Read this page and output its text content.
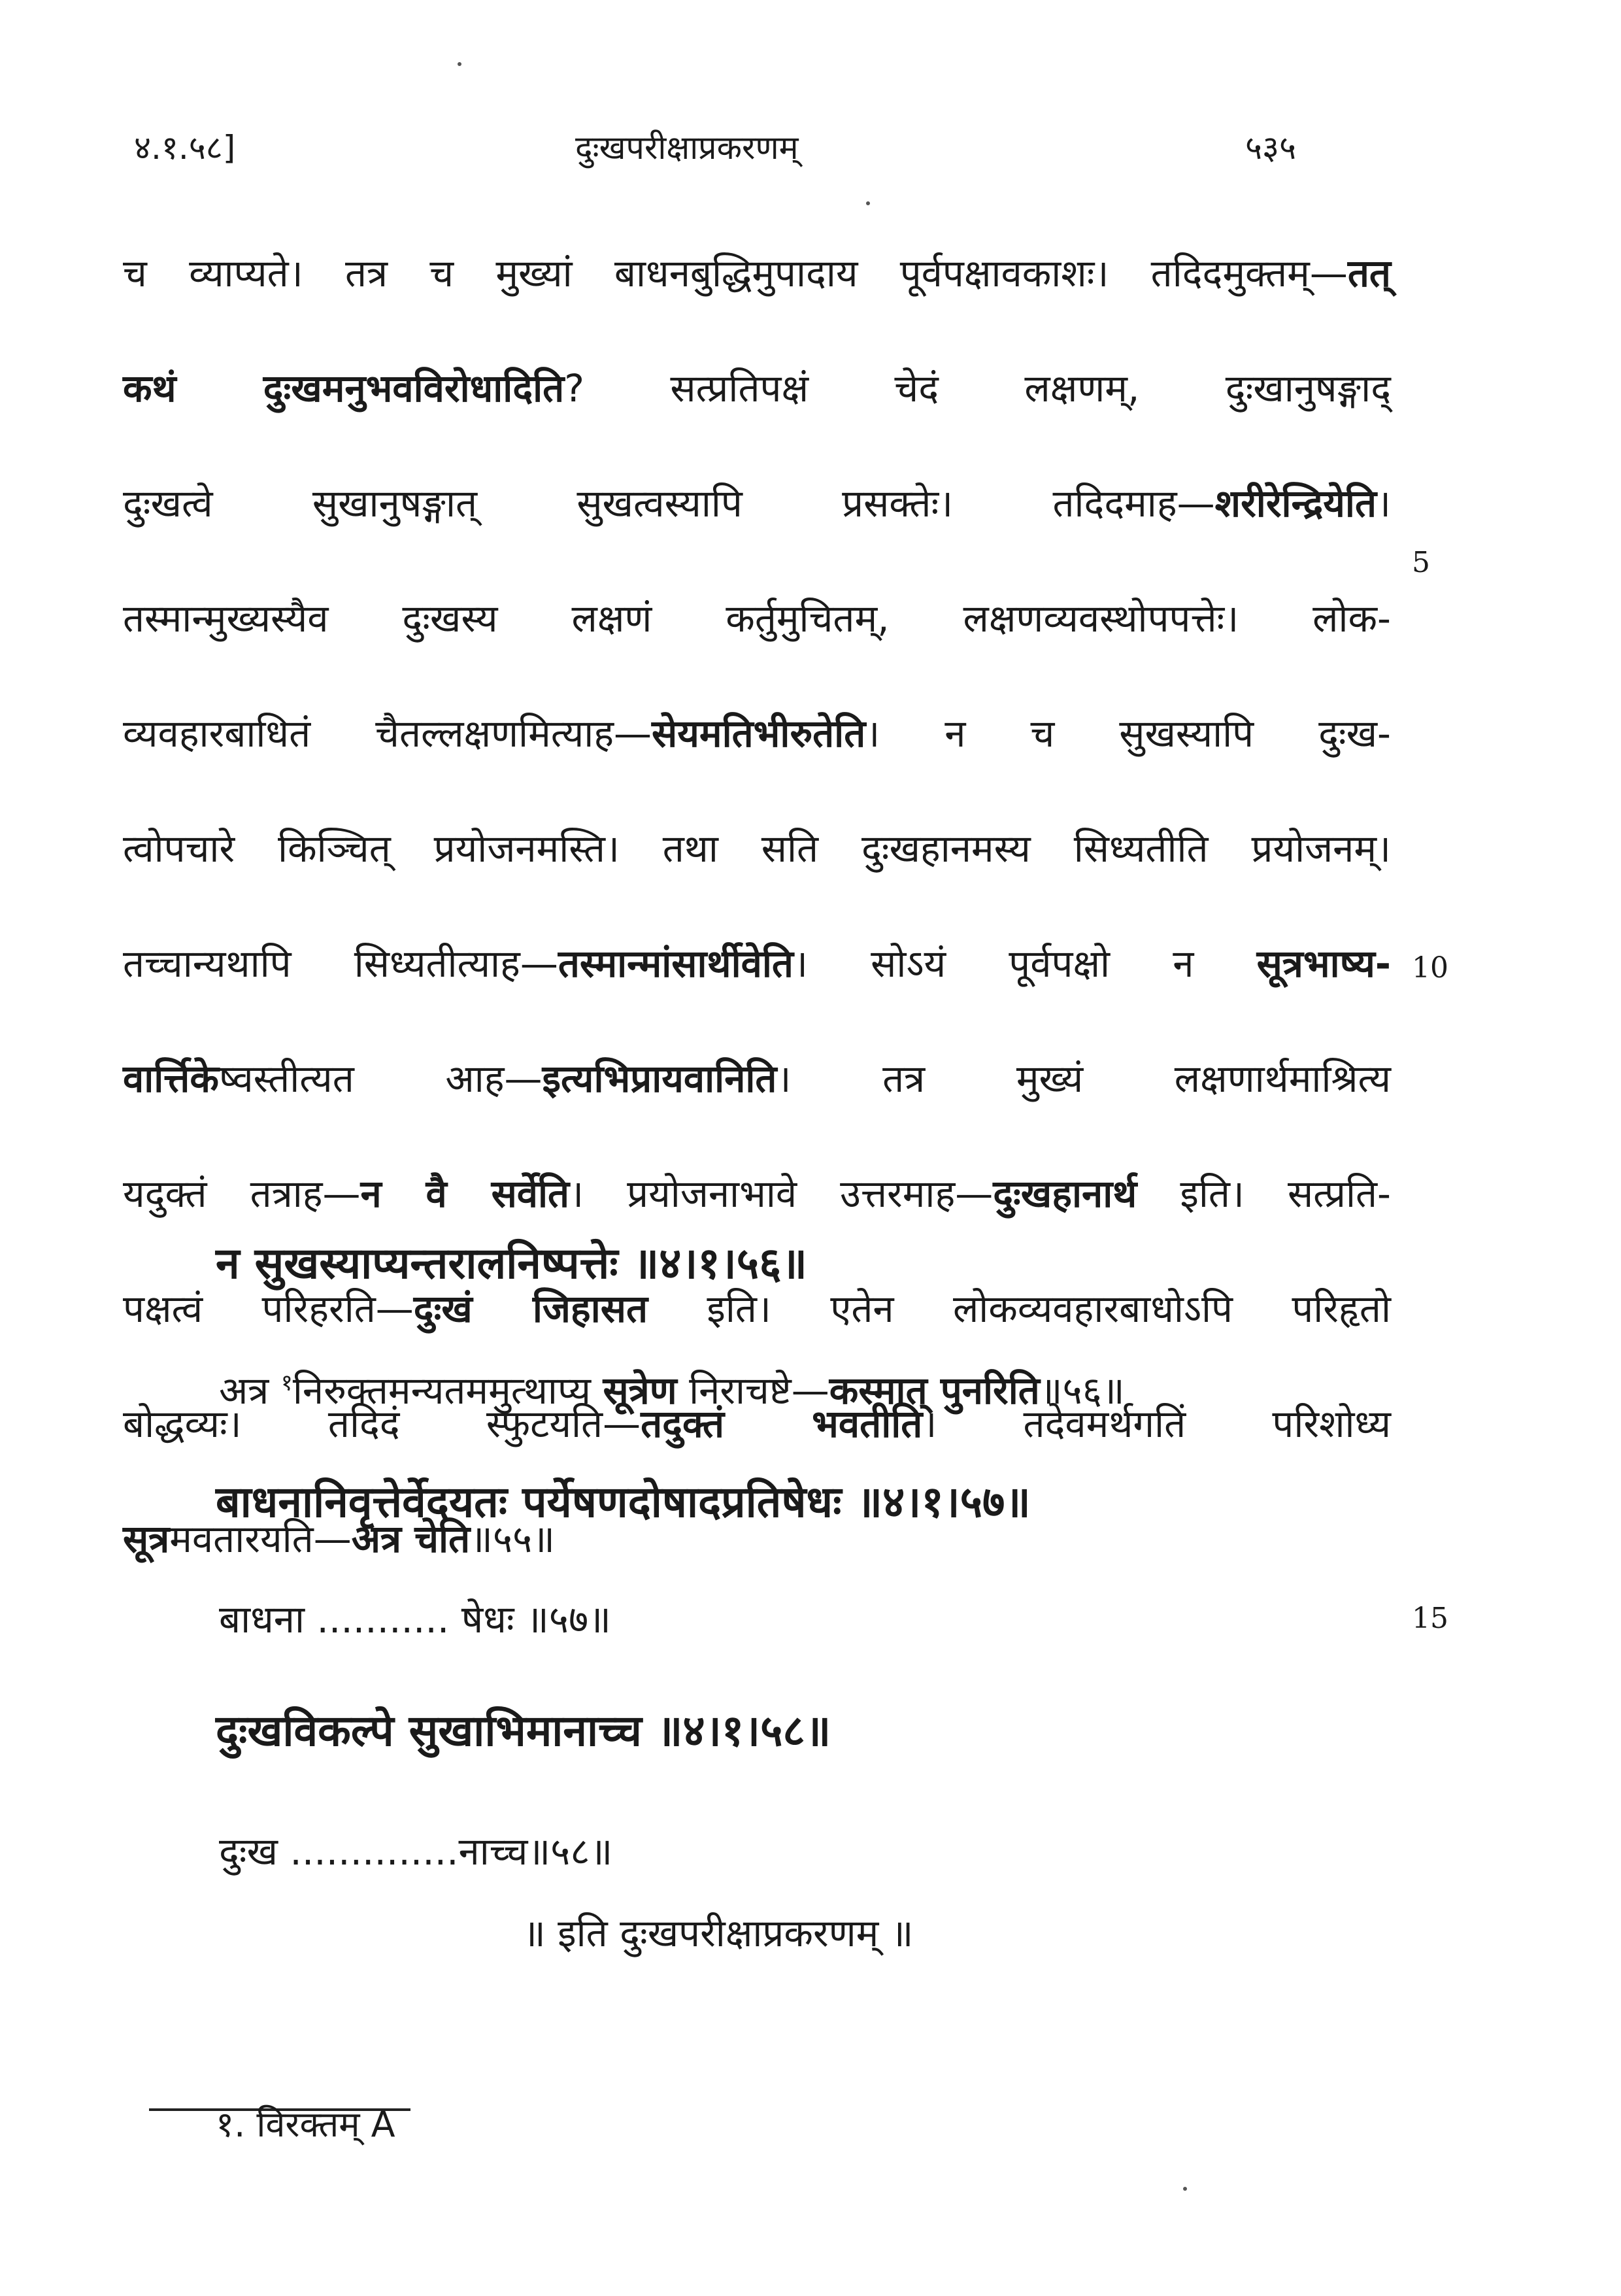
४.१.५८]	दुःखपरीक्षाप्रकरणम्	५३५
च व्याप्यते। तत्र च मुख्यां बाधनबुद्धिमुपादाय पूर्वपक्षावकाशः। तदिदमुक्तम्—तत्
कथं दुःखमनुभवविरोधादिति? सत्प्रतिपक्षं चेदं लक्षणम्, दुःखानुषङ्गाद्
दुःखत्वे सुखानुषङ्गात् सुखत्वस्यापि प्रसक्तेः। तदिदमाह—शरीरेन्द्रियेति।
तस्मान्मुख्यस्यैव दुःखस्य लक्षणं कर्तुमुचितम्, लक्षणव्यवस्थोपपत्तेः। लोक-
व्यवहारबाधितं चैतल्लक्षणमित्याह—सेयमतिभीरुतेति। न च सुखस्यापि दुःख-
त्वोपचारे किञ्चित् प्रयोजनमस्ति। तथा सति दुःखहानमस्य सिध्यतीति प्रयोजनम्।
तच्चान्यथापि सिध्यतीत्याह—तस्मान्मांसार्थीवेति। सोऽयं पूर्वपक्षो न सूत्रभाष्य-
वार्त्तिकेष्वस्तीत्यत आह—इत्यभिप्रायवानिति। तत्र मुख्यं लक्षणार्थमाश्रित्य
यदुक्तं तत्राह—न वै सर्वेति। प्रयोजनाभावे उत्तरमाह—दुःखहानार्थ इति। सत्प्रति-
पक्षत्वं परिहरति—दुःखं जिहासत इति। एतेन लोकव्यवहारबाधोऽपि परिहृतो
बोद्धव्यः। तदिदं स्फुटयति—तदुक्तं भवतीति। तदेवमर्थगतिं परिशोध्य
सूत्रमवतारयति—अत्र चेति॥५५॥
5
10
15
न सुखस्याप्यन्तरालनिष्पत्तेः ॥४।१।५६॥
अत्र $^१$निरुक्तमन्यतममुत्थाप्य सूत्रेण निराचष्टे—कस्मात् पुनरिति॥५६॥
बाधनानिवृत्तेर्वेदयतः पर्येषणदोषादप्रतिषेधः ॥४।१।५७॥
बाधना ........... षेधः ॥५७॥
दुःखविकल्पे सुखाभिमानाच्च ॥४।१।५८॥
दुःख ..............नाच्च॥५८॥
॥ इति दुःखपरीक्षाप्रकरणम् ॥
१. विरक्तम् A
